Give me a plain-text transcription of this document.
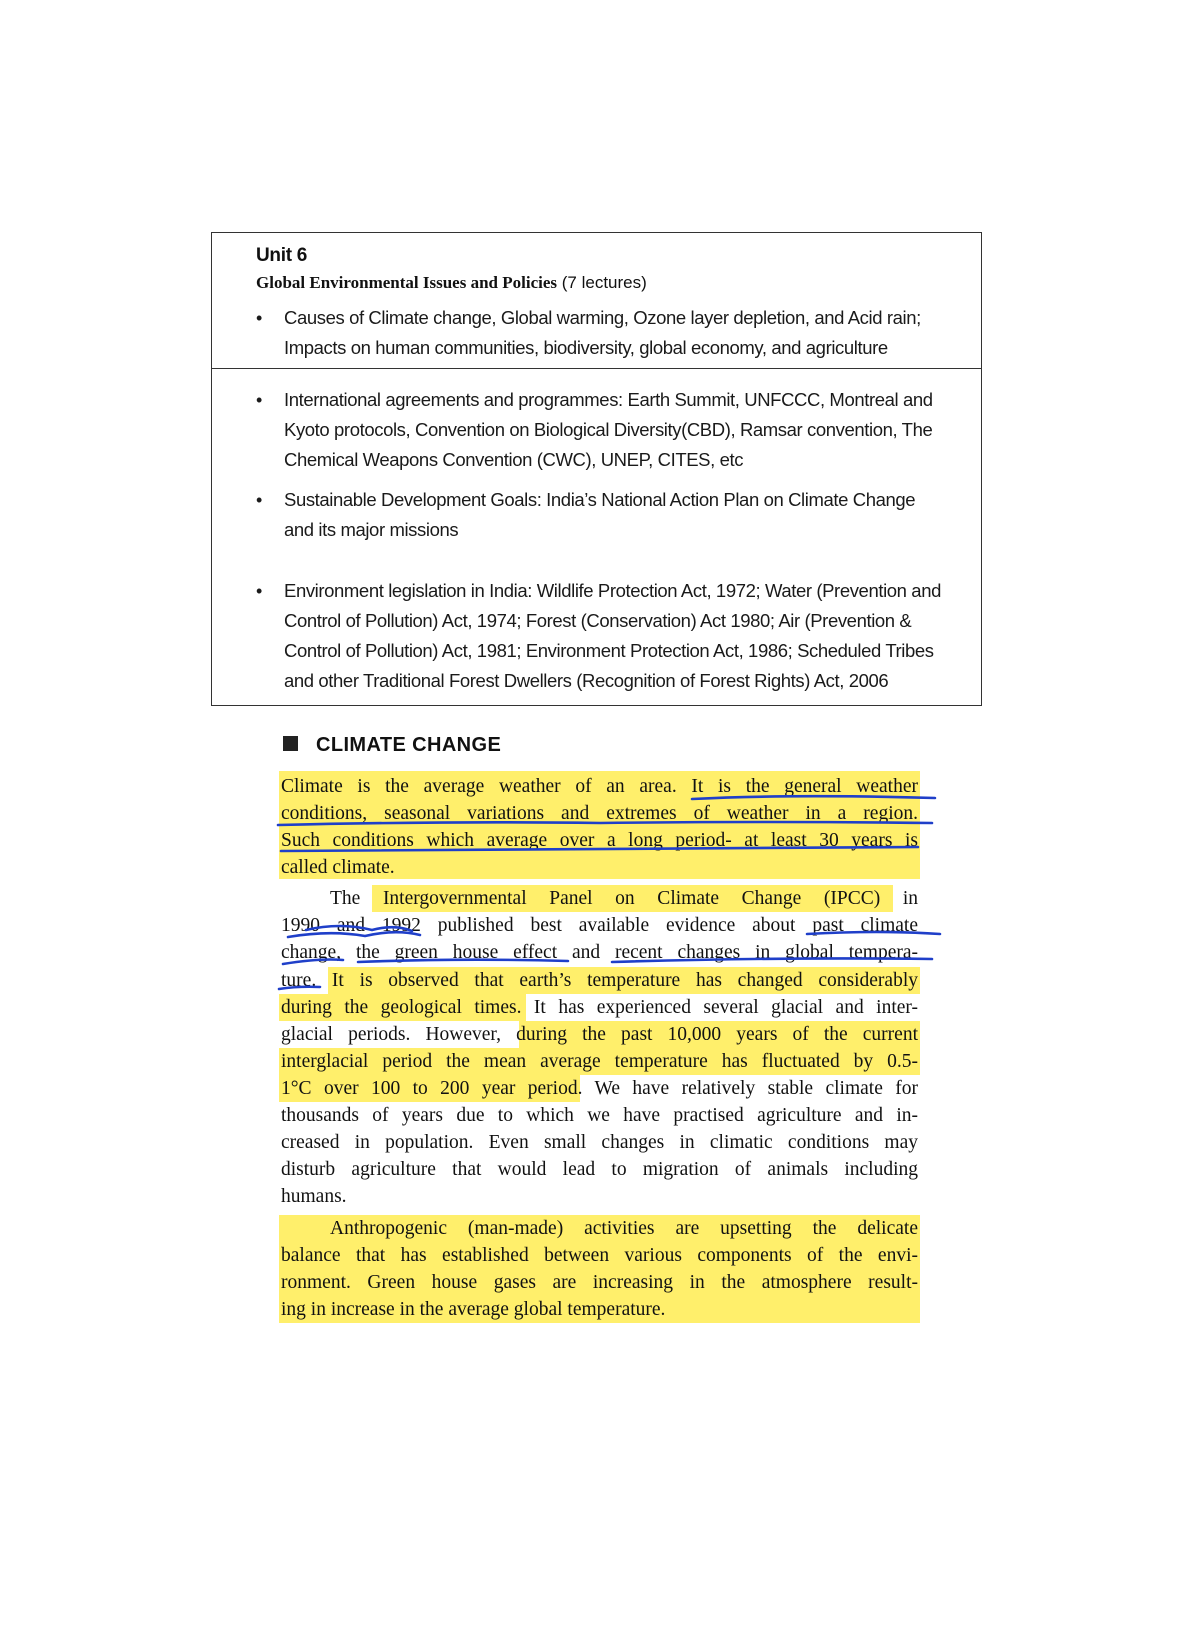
Unit 6
Global Environmental Issues and Policies (7 lectures)
• Causes of Climate change, Global warming, Ozone layer depletion, and Acid rain;
Impacts on human communities, biodiversity, global economy, and agriculture
• International agreements and programmes: Earth Summit, UNFCCC, Montreal and
Kyoto protocols, Convention on Biological Diversity(CBD), Ramsar convention, The
Chemical Weapons Convention (CWC), UNEP, CITES, etc
• Sustainable Development Goals: India’s National Action Plan on Climate Change
and its major missions
• Environment legislation in India: Wildlife Protection Act, 1972; Water (Prevention and
Control of Pollution) Act, 1974; Forest (Conservation) Act 1980; Air (Prevention &
Control of Pollution) Act, 1981; Environment Protection Act, 1986; Scheduled Tribes
and other Traditional Forest Dwellers (Recognition of Forest Rights) Act, 2006
CLIMATE CHANGE
Climate is the average weather of an area. It is the general weather
conditions, seasonal variations and extremes of weather in a region.
Such conditions which average over a long period- at least 30 years is
called climate.
The Intergovernmental Panel on Climate Change (IPCC) in
1990 and 1992 published best available evidence about past climate
change, the green house effect and recent changes in global tempera-
ture. It is observed that earth’s temperature has changed considerably
during the geological times. It has experienced several glacial and inter-
glacial periods. However, during the past 10,000 years of the current
interglacial period the mean average temperature has fluctuated by 0.5-
1°C over 100 to 200 year period. We have relatively stable climate for
thousands of years due to which we have practised agriculture and in-
creased in population. Even small changes in climatic conditions may
disturb agriculture that would lead to migration of animals including
humans.
Anthropogenic (man-made) activities are upsetting the delicate
balance that has established between various components of the envi-
ronment. Green house gases are increasing in the atmosphere result-
ing in increase in the average global temperature.
